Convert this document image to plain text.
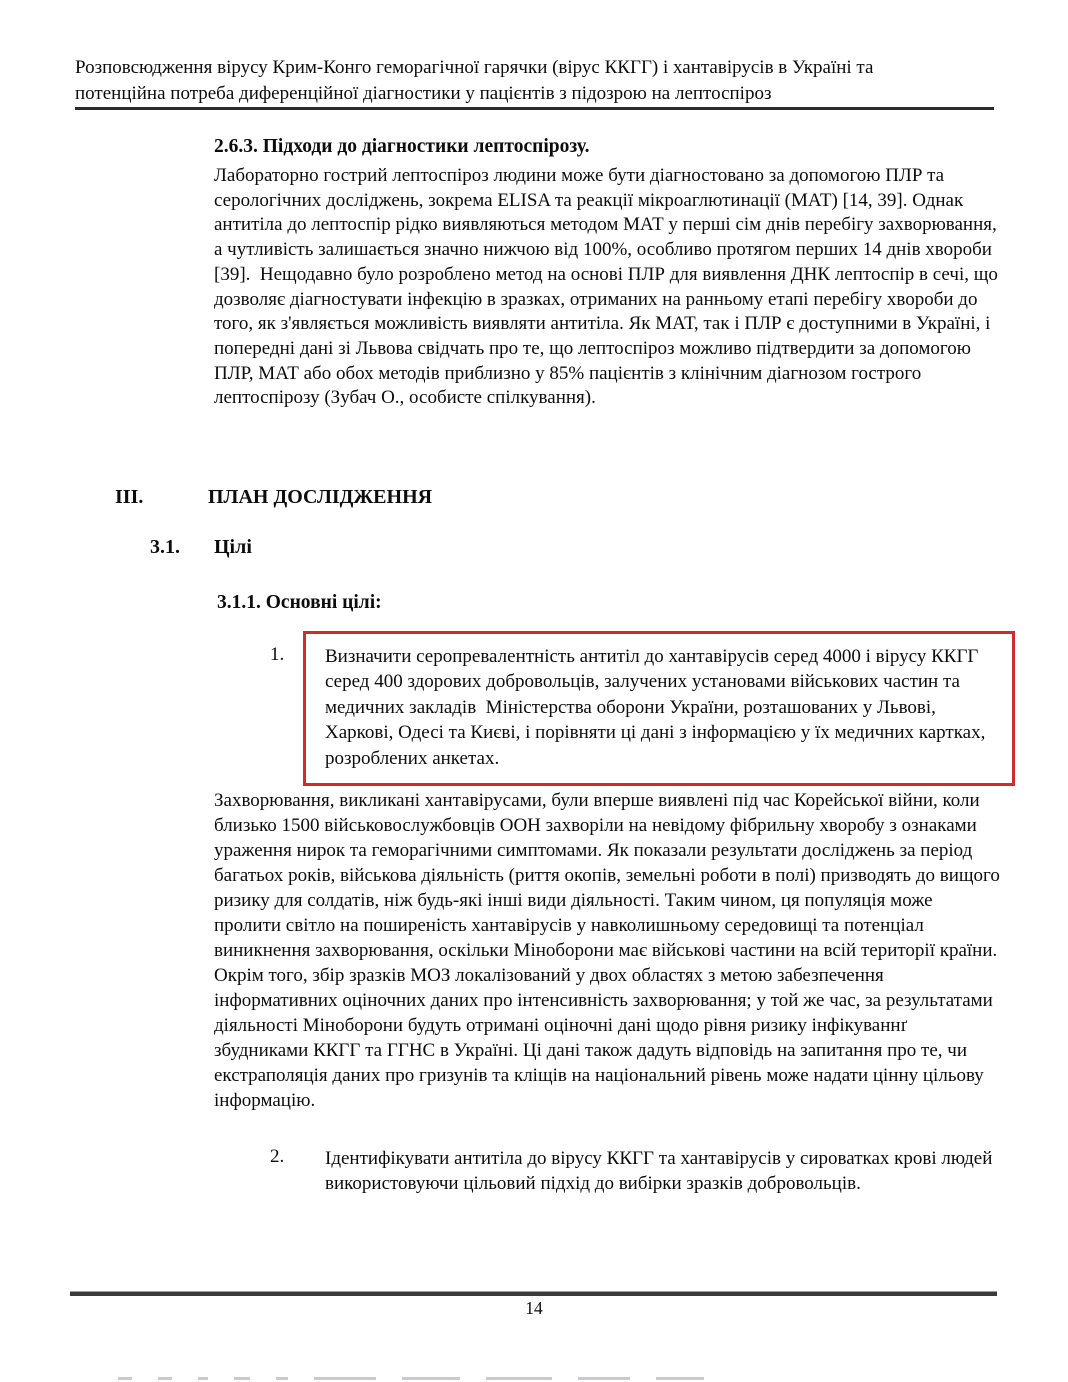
Розповсюдження вірусу Крим-Конго геморагічної гарячки (вірус ККГГ) і хантавірусів в Україні та
потенційна потреба диференційної діагностики у пацієнтів з підозрою на лептоспіроз
2.6.3. Підходи до діагностики лептоспірозу.
Лабораторно гострий лептоспіроз людини може бути діагностовано за допомогою ПЛР та серологічних досліджень, зокрема ELISA та реакції мікроаглютинації (МАТ) [14, 39]. Однак антитіла до лептоспір рідко виявляються методом МАТ у перші сім днів перебігу захворювання, а чутливість залишається значно нижчою від 100%, особливо протягом перших 14 днів хвороби [39].  Нещодавно було розроблено метод на основі ПЛР для виявлення ДНК лептоспір в сечі, що дозволяє діагностувати інфекцію в зразках, отриманих на ранньому етапі перебігу хвороби до того, як з'являється можливість виявляти антитіла. Як МАТ, так і ПЛР є доступними в Україні, і попередні дані зі Львова свідчать про те, що лептоспіроз можливо підтвердити за допомогою ПЛР, МАТ або обох методів приблизно у 85% пацієнтів з клінічним діагнозом гострого лептоспірозу (Зубач О., особисте спілкування).
III.	ПЛАН ДОСЛІДЖЕННЯ
3.1.	Цілі
3.1.1. Основні цілі:
1. Визначити серопревалентність антитіл до хантавірусів серед 4000 і вірусу ККГГ  серед 400 здорових добровольців, залучених установами військових частин та медичних закладів  Міністерства оборони України, розташованих у Львові, Харкові, Одесі та Києві, і порівняти ці дані з інформацією у їх медичних картках, розроблених анкетах.
Захворювання, викликані хантавірусами, були вперше виявлені під час Корейської війни, коли близько 1500 військовослужбовців ООН захворіли на невідому фібрильну хворобу з ознаками ураження нирок та геморагічними симптомами. Як показали результати досліджень за період багатьох років, військова діяльність (риття окопів, земельні роботи в полі) призводять до вищого ризику для солдатів, ніж будь-які інші види діяльності. Таким чином, ця популяція може пролити світло на поширеність хантавірусів у навколишньому середовищі та потенціал виникнення захворювання, оскільки Міноборони має військові частини на всій території країни. Окрім того, збір зразків МОЗ локалізований у двох областях з метою забезпечення інформативних оціночних даних про інтенсивність захворювання; у той же час, за результатами діяльності Міноборони будуть отримані оціночні дані щодо рівня ризику інфікуваннґ збудниками ККГГ та ГГНС в Україні. Ці дані також дадуть відповідь на запитання про те, чи екстраполяція даних про гризунів та кліщів на національний рівень може надати цінну цільову інформацію.
2. Ідентифікувати антитіла до вірусу ККГГ та хантавірусів у сироватках крові людей використовуючи цільовий підхід до вибірки зразків добровольців.
14
